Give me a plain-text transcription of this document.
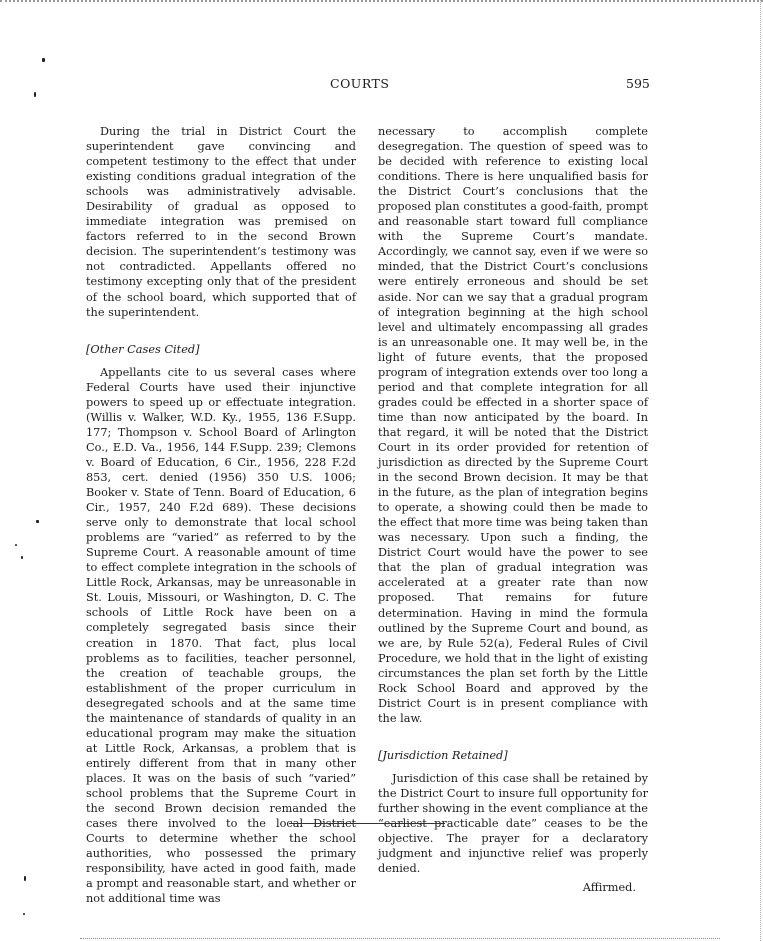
COURTS	595

During the trial in District Court the superintendent gave convincing and competent testimony to the effect that under existing conditions gradual integration of the schools was administratively advisable. Desirability of gradual as opposed to immediate integration was premised on factors referred to in the second Brown decision. The superintendent’s testimony was not contradicted. Appellants offered no testimony excepting only that of the president of the school board, which supported that of the superintendent.

[Other Cases Cited]

Appellants cite to us several cases where Federal Courts have used their injunctive powers to speed up or effectuate integration. (Willis v. Walker, W.D. Ky., 1955, 136 F.Supp. 177; Thompson v. School Board of Arlington Co., E.D. Va., 1956, 144 F.Supp. 239; Clemons v. Board of Education, 6 Cir., 1956, 228 F.2d 853, cert. denied (1956) 350 U.S. 1006; Booker v. State of Tenn. Board of Education, 6 Cir., 1957, 240 F.2d 689). These decisions serve only to demonstrate that local school problems are “varied” as referred to by the Supreme Court. A reasonable amount of time to effect complete integration in the schools of Little Rock, Arkansas, may be unreasonable in St. Louis, Missouri, or Washington, D. C. The schools of Little Rock have been on a completely segregated basis since their creation in 1870. That fact, plus local problems as to facilities, teacher personnel, the creation of teachable groups, the establishment of the proper curriculum in desegregated schools and at the same time the maintenance of standards of quality in an educational program may make the situation at Little Rock, Arkansas, a problem that is entirely different from that in many other places. It was on the basis of such “varied” school problems that the Supreme Court in the second Brown decision remanded the cases there involved to the local District Courts to determine whether the school authorities, who possessed the primary responsibility, have acted in good faith, made a prompt and reasonable start, and whether or not additional time was

necessary to accomplish complete desegregation. The question of speed was to be decided with reference to existing local conditions. There is here unqualified basis for the District Court’s conclusions that the proposed plan constitutes a good-faith, prompt and reasonable start toward full compliance with the Supreme Court’s mandate. Accordingly, we cannot say, even if we were so minded, that the District Court’s conclusions were entirely erroneous and should be set aside. Nor can we say that a gradual program of integration beginning at the high school level and ultimately encompassing all grades is an unreasonable one. It may well be, in the light of future events, that the proposed program of integration extends over too long a period and that complete integration for all grades could be effected in a shorter space of time than now anticipated by the board. In that regard, it will be noted that the District Court in its order provided for retention of jurisdiction as directed by the Supreme Court in the second Brown decision. It may be that in the future, as the plan of integration begins to operate, a showing could then be made to the effect that more time was being taken than was necessary. Upon such a finding, the District Court would have the power to see that the plan of gradual integration was accelerated at a greater rate than now proposed. That remains for future determination. Having in mind the formula outlined by the Supreme Court and bound, as we are, by Rule 52(a), Federal Rules of Civil Procedure, we hold that in the light of existing circumstances the plan set forth by the Little Rock School Board and approved by the District Court is in present compliance with the law.

[Jurisdiction Retained]

Jurisdiction of this case shall be retained by the District Court to insure full opportunity for further showing in the event compliance at the “earliest practicable date” ceases to be the objective. The prayer for a declaratory judgment and injunctive relief was properly denied.

Affirmed.
